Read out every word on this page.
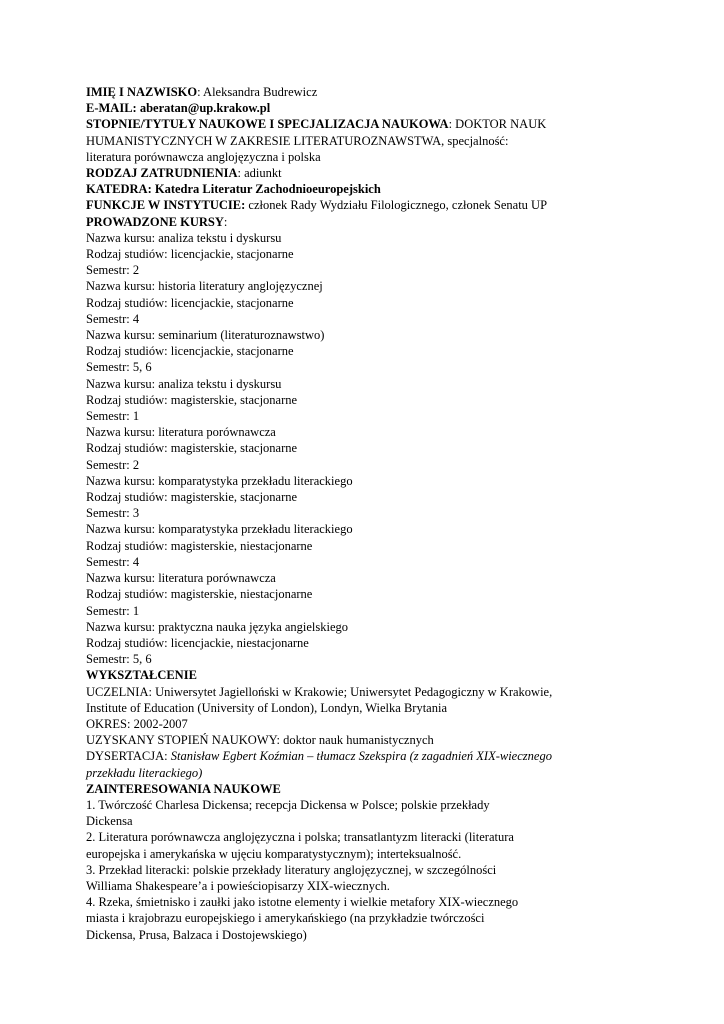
IMIĘ I NAZWISKO: Aleksandra Budrewicz
E-MAIL: aberatan@up.krakow.pl
STOPNIE/TYTUŁY NAUKOWE I SPECJALIZACJA NAUKOWA: DOKTOR NAUK
HUMANISTYCZNYCH W ZAKRESIE LITERATUROZNAWSTWA, specjalność:
literatura porównawcza anglojęzyczna i polska
RODZAJ ZATRUDNIENIA: adiunkt
KATEDRA: Katedra Literatur Zachodnioeuropejskich
FUNKCJE W INSTYTUCIE: członek Rady Wydziału Filologicznego, członek Senatu UP
PROWADZONE KURSY:
Nazwa kursu: analiza tekstu i dyskursu
Rodzaj studiów: licencjackie, stacjonarne
Semestr: 2
Nazwa kursu: historia literatury anglojęzycznej
Rodzaj studiów: licencjackie, stacjonarne
Semestr: 4
Nazwa kursu: seminarium (literaturoznawstwo)
Rodzaj studiów: licencjackie, stacjonarne
Semestr: 5, 6
Nazwa kursu: analiza tekstu i dyskursu
Rodzaj studiów: magisterskie, stacjonarne
Semestr: 1
Nazwa kursu: literatura porównawcza
Rodzaj studiów: magisterskie, stacjonarne
Semestr: 2
Nazwa kursu: komparatystyka przekładu literackiego
Rodzaj studiów: magisterskie, stacjonarne
Semestr: 3
Nazwa kursu: komparatystyka przekładu literackiego
Rodzaj studiów: magisterskie, niestacjonarne
Semestr: 4
Nazwa kursu: literatura porównawcza
Rodzaj studiów: magisterskie, niestacjonarne
Semestr: 1
Nazwa kursu: praktyczna nauka języka angielskiego
Rodzaj studiów: licencjackie, niestacjonarne
Semestr: 5, 6
WYKSZTAŁCENIE
UCZELNIA: Uniwersytet Jagielloński w Krakowie; Uniwersytet Pedagogiczny w Krakowie,
Institute of Education (University of London), Londyn, Wielka Brytania
OKRES: 2002-2007
UZYSKANY STOPIEŃ NAUKOWY: doktor nauk humanistycznych
DYSERTACJA: Stanisław Egbert Koźmian – tłumacz Szekspira (z zagadnień XIX-wiecznego
przekładu literackiego)
ZAINTERESOWANIA NAUKOWE
1. Twórczość Charlesa Dickensa; recepcja Dickensa w Polsce; polskie przekłady
Dickensa
2. Literatura porównawcza anglojęzyczna i polska; transatlantyzm literacki (literatura
europejska i amerykańska w ujęciu komparatystycznym); interteksualność.
3. Przekład literacki: polskie przekłady literatury anglojęzycznej, w szczególności
Williama Shakespeare’a i powieściopisarzy XIX-wiecznych.
4. Rzeka, śmietnisko i zaułki jako istotne elementy i wielkie metafory XIX-wiecznego
miasta i krajobrazu europejskiego i amerykańskiego (na przykładzie twórczości
Dickensa, Prusa, Balzaca i Dostojewskiego)
